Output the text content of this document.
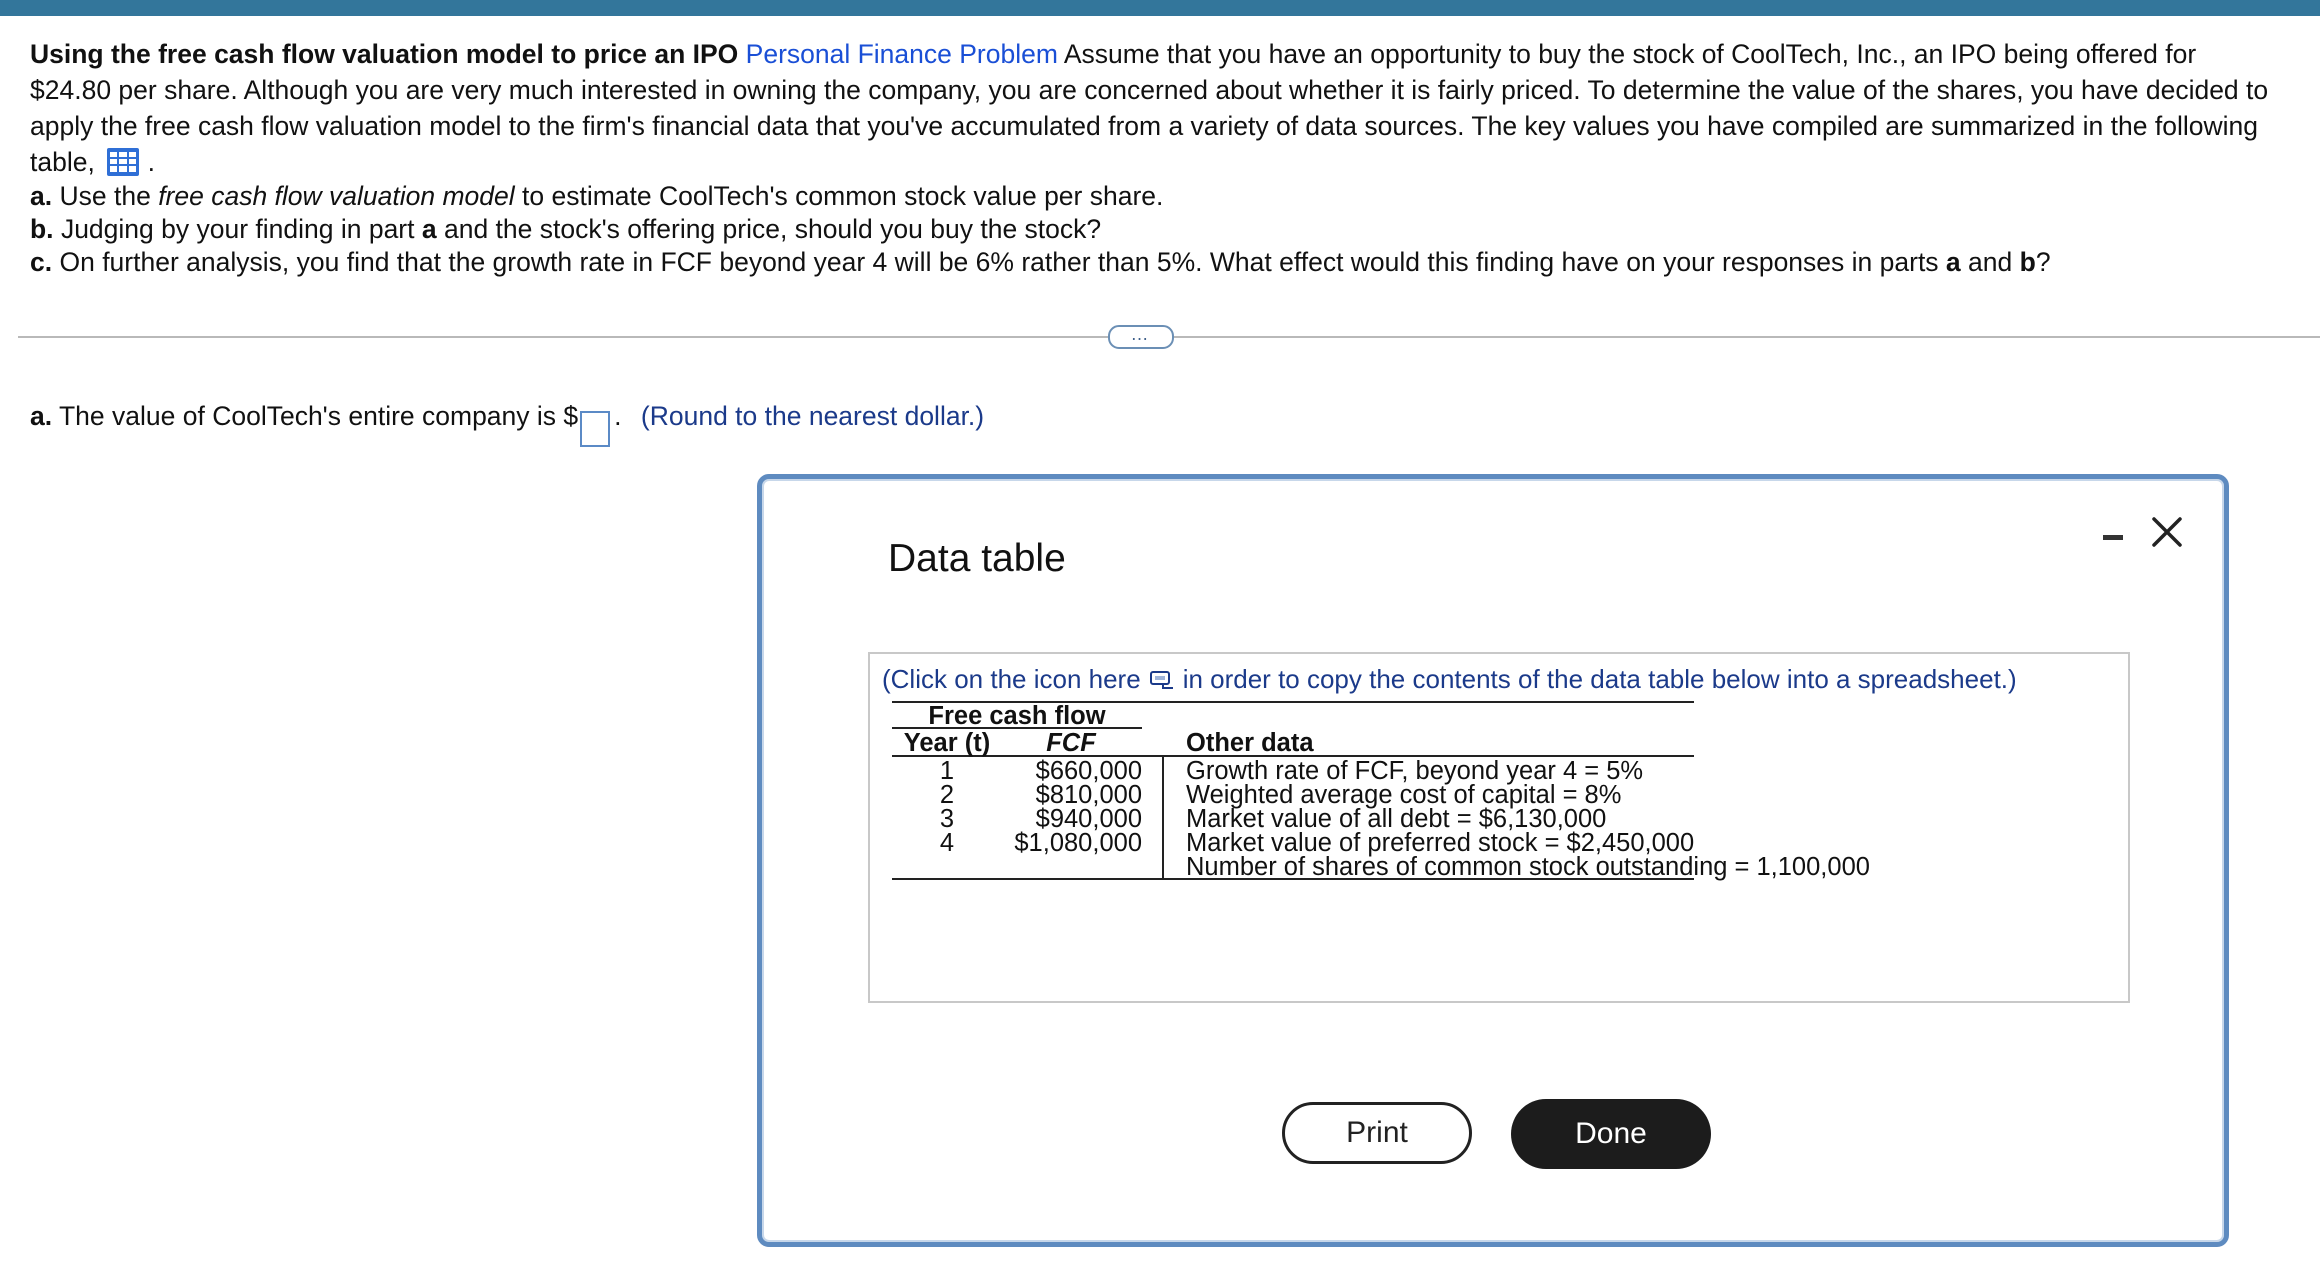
Using the free cash flow valuation model to price an IPO Personal Finance Problem Assume that you have an opportunity to buy the stock of CoolTech, Inc., an IPO being offered for $24.80 per share. Although you are very much interested in owning the company, you are concerned about whether it is fairly priced. To determine the value of the shares, you have decided to apply the free cash flow valuation model to the firm's financial data that you've accumulated from a variety of data sources. The key values you have compiled are summarized in the following table, .
a. Use the free cash flow valuation model to estimate CoolTech's common stock value per share.
b. Judging by your finding in part a and the stock's offering price, should you buy the stock?
c. On further analysis, you find that the growth rate in FCF beyond year 4 will be 6% rather than 5%. What effect would this finding have on your responses in parts a and b?
…
a. The value of CoolTech's entire company is $ . (Round to the nearest dollar.)
Data table
(Click on the icon here in order to copy the contents of the data table below into a spreadsheet.)
Free cash flow
Year (t)	FCF	Other data
1	$660,000 Growth rate of FCF, beyond year 4 = 5%
2	$810,000 Weighted average cost of capital = 8%
3	$940,000 Market value of all debt = $6,130,000
4	$1,080,000 Market value of preferred stock = $2,450,000
Number of shares of common stock outstanding = 1,100,000
Print	Done
